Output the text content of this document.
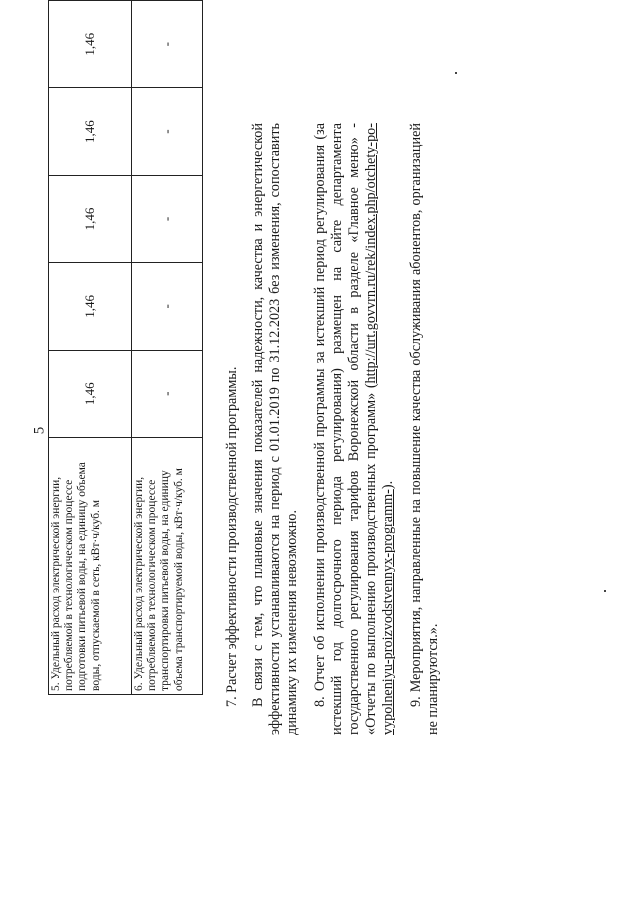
5
5. Удельный расход электрической энергии, потребляемой в технологическом процессе подготовки питьевой воды, на единицу объема воды, отпускаемой в сеть, кВт·ч/куб. м	1,46	1,46	1,46	1,46	1,46
6. Удельный расход электрической энергии, потребляемой в технологическом процессе транспортировки питьевой воды, на единицу объема транспортируемой воды, кВт·ч/куб. м	-	-	-	-	-

7. Расчет эффективности производственной программы. В связи с тем, что плановые значения показателей надежности, качества и энергетической эффективности устанавливаются на период с 01.01.2019 по 31.12.2023 без изменения, сопоставить динамику их изменения невозможно. 8. Отчет об исполнении производственной программы за истекший период регулирования (за истекший год долгосрочного периода регулирования) размещен на сайте департамента государственного регулирования тарифов Воронежской области в разделе «Главное меню» - «Отчеты по выполнению производственных программ» (http://urt.govvrn.ru/rek/index.php/otchety-po-vypolneniyu-proizvodstvennyx-programm-). 9. Мероприятия, направленные на повышение качества обслуживания абонентов, организацией не планируются.».
